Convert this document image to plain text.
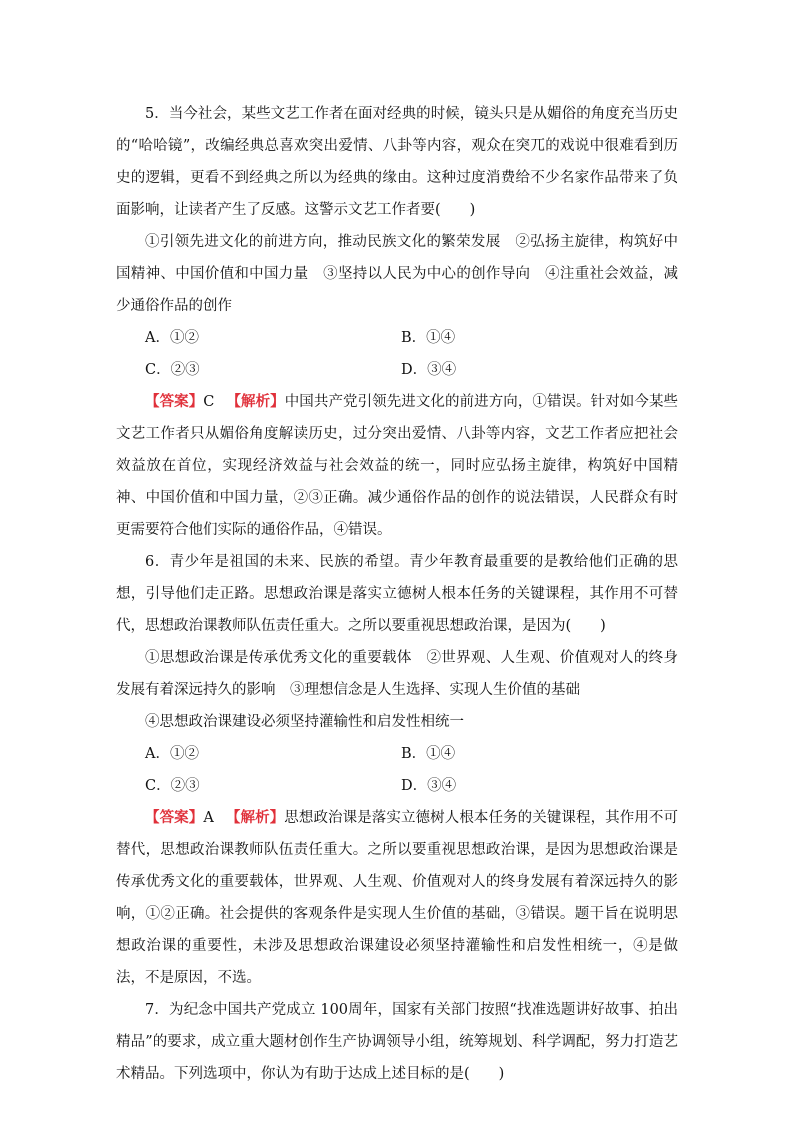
5．当今社会，某些文艺工作者在面对经典的时候，镜头只是从媚俗的角度充当历史的“哈哈镜”，改编经典总喜欢突出爱情、八卦等内容，观众在突兀的戏说中很难看到历史的逻辑，更看不到经典之所以为经典的缘由。这种过度消费给不少名家作品带来了负面影响，让读者产生了反感。这警示文艺工作者要(　　)

①引领先进文化的前进方向，推动民族文化的繁荣发展　②弘扬主旋律，构筑好中国精神、中国价值和中国力量　③坚持以人民为中心的创作导向　④注重社会效益，减少通俗作品的创作

A．①②	B．①④
C．②③	D．③④

【答案】C 【解析】中国共产党引领先进文化的前进方向，①错误。针对如今某些文艺工作者只从媚俗角度解读历史，过分突出爱情、八卦等内容，文艺工作者应把社会效益放在首位，实现经济效益与社会效益的统一，同时应弘扬主旋律，构筑好中国精神、中国价值和中国力量，②③正确。减少通俗作品的创作的说法错误，人民群众有时更需要符合他们实际的通俗作品，④错误。

6．青少年是祖国的未来、民族的希望。青少年教育最重要的是教给他们正确的思想，引导他们走正路。思想政治课是落实立德树人根本任务的关键课程，其作用不可替代，思想政治课教师队伍责任重大。之所以要重视思想政治课，是因为(　　)

①思想政治课是传承优秀文化的重要载体　②世界观、人生观、价值观对人的终身发展有着深远持久的影响　③理想信念是人生选择、实现人生价值的基础

④思想政治课建设必须坚持灌输性和启发性相统一

A．①②	B．①④
C．②③	D．③④

【答案】A 【解析】思想政治课是落实立德树人根本任务的关键课程，其作用不可替代，思想政治课教师队伍责任重大。之所以要重视思想政治课，是因为思想政治课是传承优秀文化的重要载体，世界观、人生观、价值观对人的终身发展有着深远持久的影响，①②正确。社会提供的客观条件是实现人生价值的基础，③错误。题干旨在说明思想政治课的重要性，未涉及思想政治课建设必须坚持灌输性和启发性相统一，④是做法，不是原因，不选。

7．为纪念中国共产党成立 100周年，国家有关部门按照“找准选题讲好故事、拍出精品”的要求，成立重大题材创作生产协调领导小组，统筹规划、科学调配，努力打造艺术精品。下列选项中，你认为有助于达成上述目标的是(　　)
